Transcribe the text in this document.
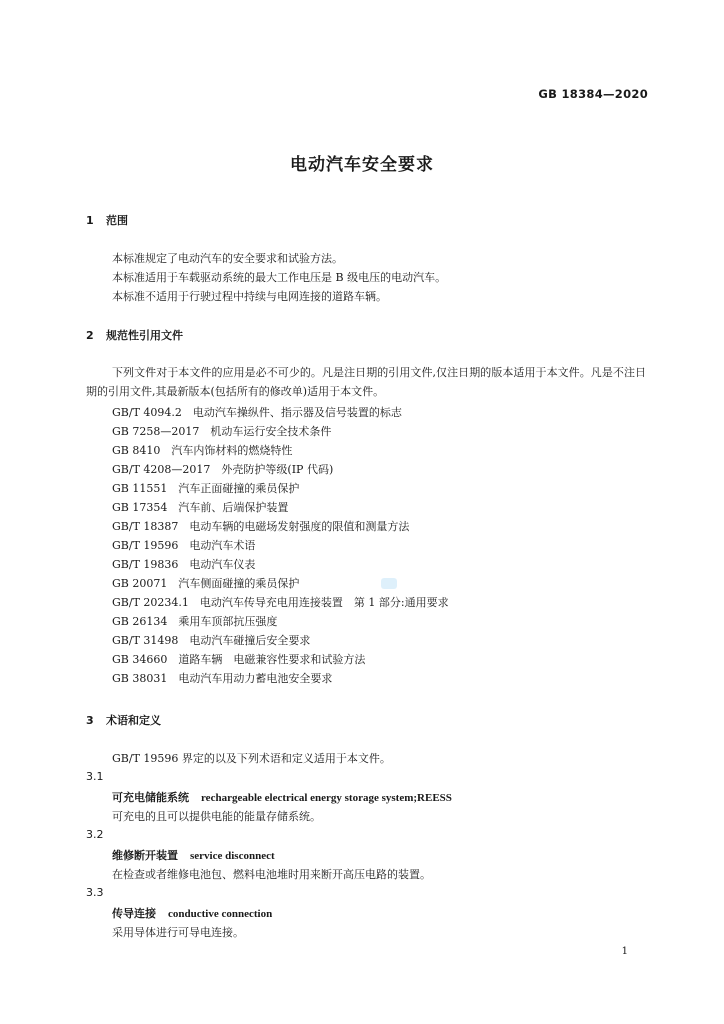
GB 18384—2020
电动汽车安全要求
1 范围
本标准规定了电动汽车的安全要求和试验方法。
本标准适用于车载驱动系统的最大工作电压是 B 级电压的电动汽车。
本标准不适用于行驶过程中持续与电网连接的道路车辆。
2 规范性引用文件
下列文件对于本文件的应用是必不可少的。凡是注日期的引用文件,仅注日期的版本适用于本文件。凡是不注日期的引用文件,其最新版本(包括所有的修改单)适用于本文件。
GB/T 4094.2 电动汽车操纵件、指示器及信号装置的标志
GB 7258—2017 机动车运行安全技术条件
GB 8410 汽车内饰材料的燃烧特性
GB/T 4208—2017 外壳防护等级(IP 代码)
GB 11551 汽车正面碰撞的乘员保护
GB 17354 汽车前、后端保护装置
GB/T 18387 电动车辆的电磁场发射强度的限值和测量方法
GB/T 19596 电动汽车术语
GB/T 19836 电动汽车仪表
GB 20071 汽车侧面碰撞的乘员保护
GB/T 20234.1 电动汽车传导充电用连接装置　第 1 部分:通用要求
GB 26134 乘用车顶部抗压强度
GB/T 31498 电动汽车碰撞后安全要求
GB 34660 道路车辆　电磁兼容性要求和试验方法
GB 38031 电动汽车用动力蓄电池安全要求
3 术语和定义
GB/T 19596 界定的以及下列术语和定义适用于本文件。
3.1
可充电储能系统 rechargeable electrical energy storage system;REESS
可充电的且可以提供电能的能量存储系统。
3.2
维修断开装置 service disconnect
在检查或者维修电池包、燃料电池堆时用来断开高压电路的装置。
3.3
传导连接 conductive connection
采用导体进行可导电连接。
1
